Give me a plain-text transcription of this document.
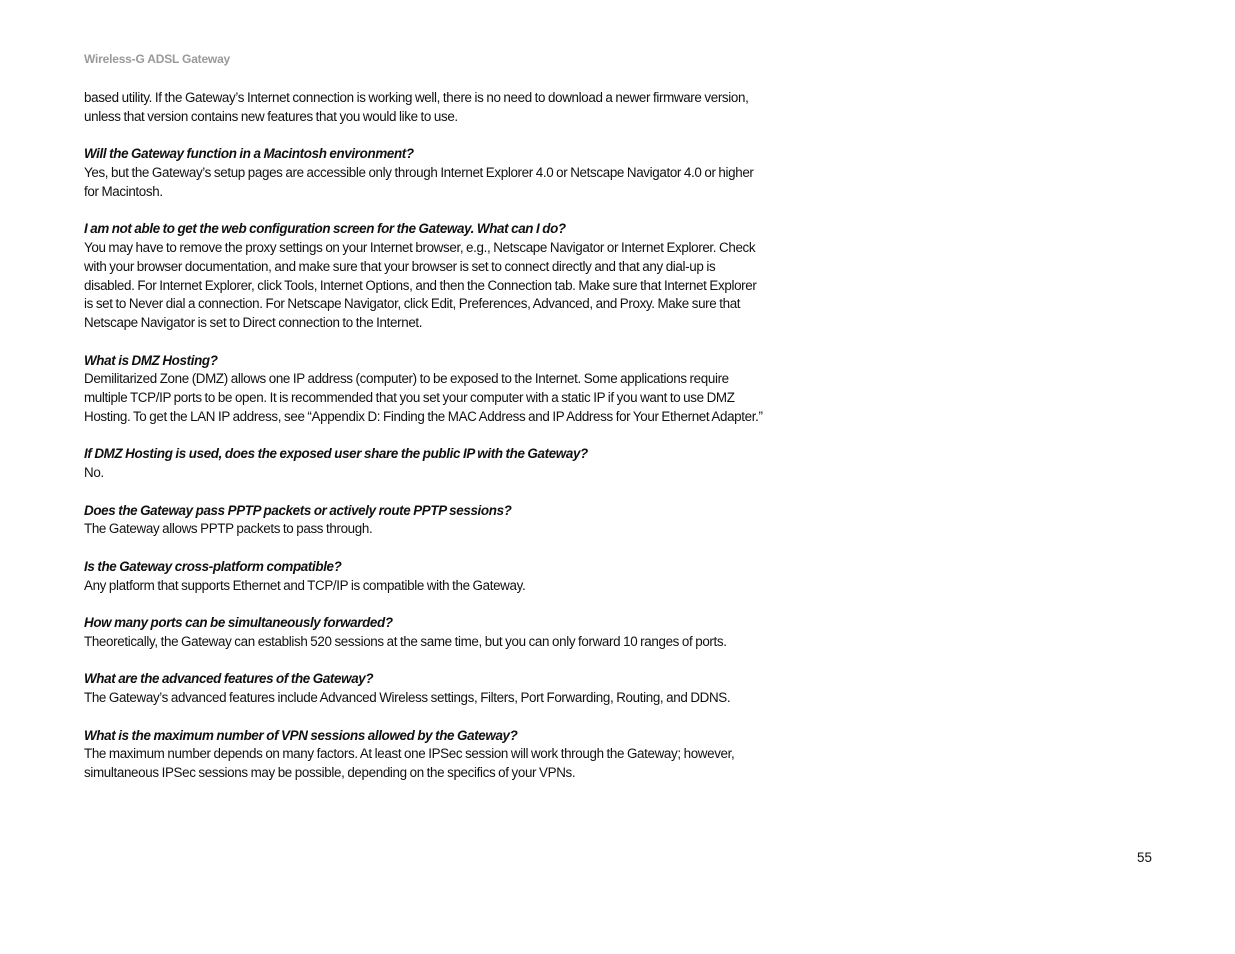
Wireless-G ADSL Gateway
based utility. If the Gateway’s Internet connection is working well, there is no need to download a newer firmware version, unless that version contains new features that you would like to use.
Will the Gateway function in a Macintosh environment?
Yes, but the Gateway’s setup pages are accessible only through Internet Explorer 4.0 or Netscape Navigator 4.0 or higher for Macintosh.
I am not able to get the web configuration screen for the Gateway. What can I do?
You may have to remove the proxy settings on your Internet browser, e.g., Netscape Navigator or Internet Explorer. Check with your browser documentation, and make sure that your browser is set to connect directly and that any dial-up is disabled. For Internet Explorer, click Tools, Internet Options, and then the Connection tab. Make sure that Internet Explorer is set to Never dial a connection. For Netscape Navigator, click Edit, Preferences, Advanced, and Proxy. Make sure that Netscape Navigator is set to Direct connection to the Internet.
What is DMZ Hosting?
Demilitarized Zone (DMZ) allows one IP address (computer) to be exposed to the Internet. Some applications require multiple TCP/IP ports to be open. It is recommended that you set your computer with a static IP if you want to use DMZ Hosting. To get the LAN IP address, see “Appendix D: Finding the MAC Address and IP Address for Your Ethernet Adapter.”
If DMZ Hosting is used, does the exposed user share the public IP with the Gateway?
No.
Does the Gateway pass PPTP packets or actively route PPTP sessions?
The Gateway allows PPTP packets to pass through.
Is the Gateway cross-platform compatible?
Any platform that supports Ethernet and TCP/IP is compatible with the Gateway.
How many ports can be simultaneously forwarded?
Theoretically, the Gateway can establish 520 sessions at the same time, but you can only forward 10 ranges of ports.
What are the advanced features of the Gateway?
The Gateway’s advanced features include Advanced Wireless settings, Filters, Port Forwarding, Routing, and DDNS.
What is the maximum number of VPN sessions allowed by the Gateway?
The maximum number depends on many factors. At least one IPSec session will work through the Gateway; however, simultaneous IPSec sessions may be possible, depending on the specifics of your VPNs.
55
